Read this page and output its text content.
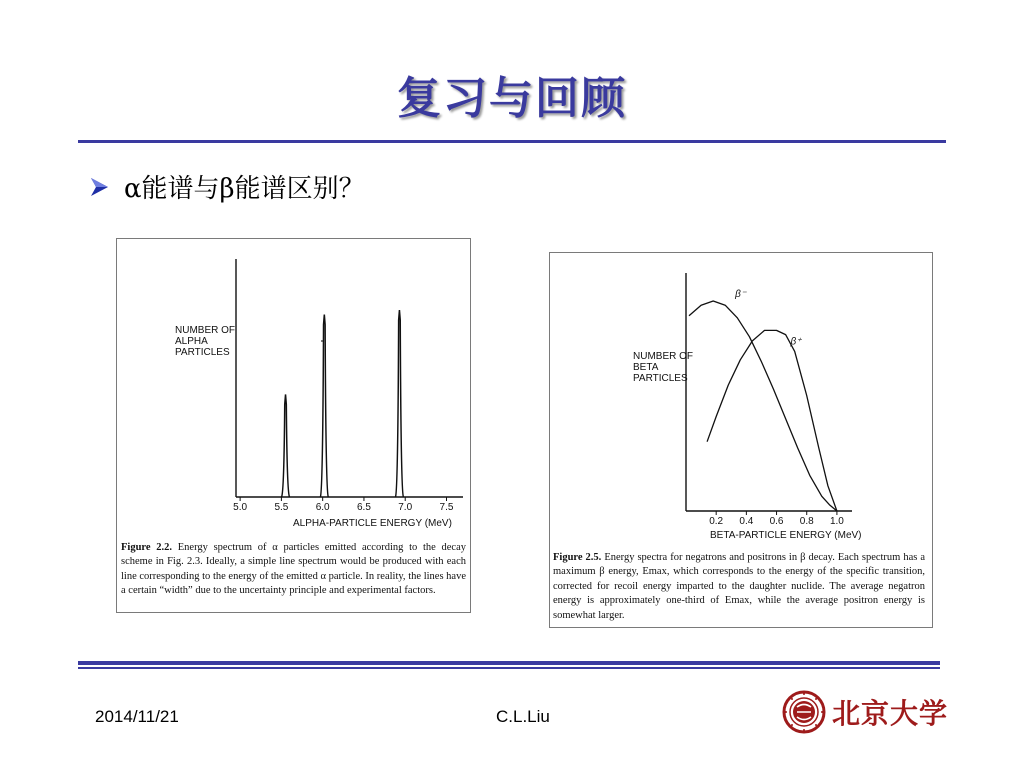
复习与回顾
α能谱与β能谱区别？
5.0	5.5	6.0	6.5	7.0	7.5
NUMBER OF ALPHA PARTICLES
ALPHA-PARTICLE ENERGY (MeV)
Figure 2.2. Energy spectrum of α particles emitted according to the decay scheme in Fig. 2.3. Ideally, a simple line spectrum would be produced with each line corresponding to the energy of the emitted α particle. In reality, the lines have a certain “width” due to the uncertainty principle and experimental factors.
β⁻
β⁺
0.2 0.4 0.6 0.8 1.0
NUMBER OF BETA PARTICLES
BETA-PARTICLE ENERGY (MeV)
Figure 2.5. Energy spectra for negatrons and positrons in β decay. Each spectrum has a maximum β energy, Emax, which corresponds to the energy of the specific transition, corrected for recoil energy imparted to the daughter nuclide. The average negatron energy is approximately one-third of Emax, while the average positron energy is somewhat larger.
2014/11/21	C.L.Liu	北京大学
